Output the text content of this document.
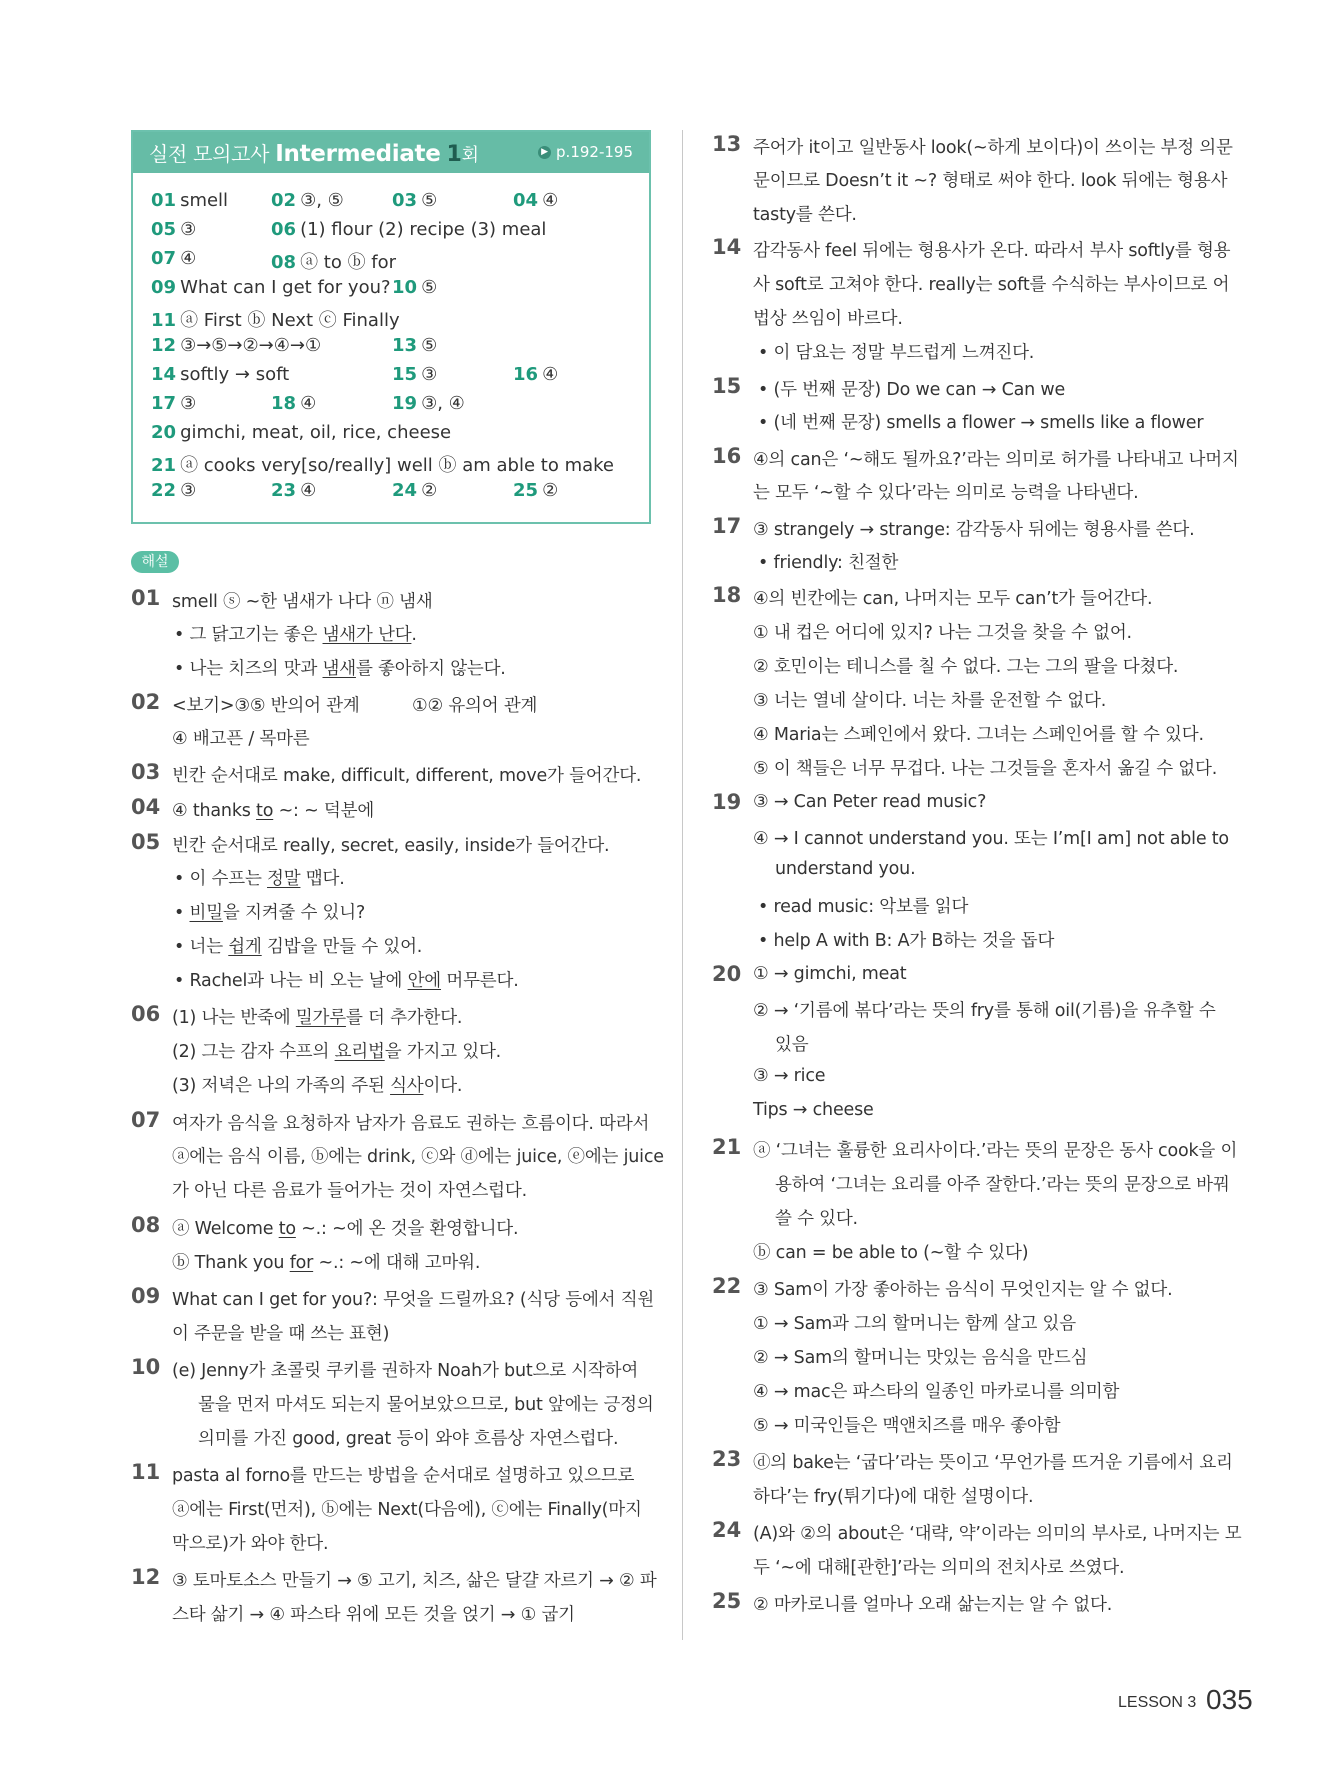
실전 모의고사 Intermediate 1회	▶ p.192-195
01 smell 02 ③, ⑤	03 ⑤	04 ④
05 ③	06 (1) flour (2) recipe (3) meal
07 ④	08 ⓐ to ⓑ for
09 What can I get for you? 10 ⑤
11 ⓐ First ⓑ Next ⓒ Finally
12 ③→⑤→②→④→①	13 ⑤
14 softly → soft	15 ③	16 ④
17 ③	18 ④	19 ③, ④
20 gimchi, meat, oil, rice, cheese
21 ⓐ cooks very[so/really] well ⓑ am able to make
22 ③	23 ④	24 ②	25 ②
해설
01 smell ⓢ ~한 냄새가 나다 ⓝ 냄새
• 그 닭고기는 좋은 냄새가 난다.
• 나는 치즈의 맛과 냄새를 좋아하지 않는다.
02 <보기>③⑤ 반의어 관계	①② 유의어 관계
④ 배고픈 / 목마른
03 빈칸 순서대로 make, difficult, different, move가 들어간다.
04 ④ thanks to ~: ~ 덕분에
05 빈칸 순서대로 really, secret, easily, inside가 들어간다.
• 이 수프는 정말 맵다.
• 비밀을 지켜줄 수 있니?
• 너는 쉽게 김밥을 만들 수 있어.
• Rachel과 나는 비 오는 날에 안에 머무른다.
06 (1) 나는 반죽에 밀가루를 더 추가한다.
(2) 그는 감자 수프의 요리법을 가지고 있다.
(3) 저녁은 나의 가족의 주된 식사이다.
07 여자가 음식을 요청하자 남자가 음료도 권하는 흐름이다. 따라서
ⓐ에는 음식 이름, ⓑ에는 drink, ⓒ와 ⓓ에는 juice, ⓔ에는 juice
가 아닌 다른 음료가 들어가는 것이 자연스럽다.
08 ⓐ Welcome to ~.: ~에 온 것을 환영합니다.
ⓑ Thank you for ~.: ~에 대해 고마워.
09 What can I get for you?: 무엇을 드릴까요? (식당 등에서 직원
이 주문을 받을 때 쓰는 표현)
10 (e) Jenny가 초콜릿 쿠키를 권하자 Noah가 but으로 시작하여
물을 먼저 마셔도 되는지 물어보았으므로, but 앞에는 긍정의
의미를 가진 good, great 등이 와야 흐름상 자연스럽다.
11 pasta al forno를 만드는 방법을 순서대로 설명하고 있으므로
ⓐ에는 First(먼저), ⓑ에는 Next(다음에), ⓒ에는 Finally(마지
막으로)가 와야 한다.
12 ③ 토마토소스 만들기 → ⑤ 고기, 치즈, 삶은 달걀 자르기 → ② 파
스타 삶기 → ④ 파스타 위에 모든 것을 얹기 → ① 굽기
13 주어가 it이고 일반동사 look(~하게 보이다)이 쓰이는 부정 의문
문이므로 Doesn’t it ~? 형태로 써야 한다. look 뒤에는 형용사
tasty를 쓴다.
14 감각동사 feel 뒤에는 형용사가 온다. 따라서 부사 softly를 형용
사 soft로 고쳐야 한다. really는 soft를 수식하는 부사이므로 어
법상 쓰임이 바르다.
• 이 담요는 정말 부드럽게 느껴진다.
15 • (두 번째 문장) Do we can → Can we
• (네 번째 문장) smells a flower → smells like a flower
16 ④의 can은 ‘~해도 될까요?’라는 의미로 허가를 나타내고 나머지
는 모두 ‘~할 수 있다’라는 의미로 능력을 나타낸다.
17 ③ strangely → strange: 감각동사 뒤에는 형용사를 쓴다.
• friendly: 친절한
18 ④의 빈칸에는 can, 나머지는 모두 can’t가 들어간다.
① 내 컵은 어디에 있지? 나는 그것을 찾을 수 없어.
② 호민이는 테니스를 칠 수 없다. 그는 그의 팔을 다쳤다.
③ 너는 열네 살이다. 너는 차를 운전할 수 없다.
④ Maria는 스페인에서 왔다. 그녀는 스페인어를 할 수 있다.
⑤ 이 책들은 너무 무겁다. 나는 그것들을 혼자서 옮길 수 없다.
19 ③ → Can Peter read music?
④ → I cannot understand you. 또는 I’m[I am] not able to
understand you.
• read music: 악보를 읽다
• help A with B: A가 B하는 것을 돕다
20 ① → gimchi, meat
② → ‘기름에 볶다’라는 뜻의 fry를 통해 oil(기름)을 유추할 수
있음
③ → rice
Tips → cheese
21 ⓐ ‘그녀는 훌륭한 요리사이다.’라는 뜻의 문장은 동사 cook을 이
용하여 ‘그녀는 요리를 아주 잘한다.’라는 뜻의 문장으로 바꿔
쓸 수 있다.
ⓑ can = be able to (~할 수 있다)
22 ③ Sam이 가장 좋아하는 음식이 무엇인지는 알 수 없다.
① → Sam과 그의 할머니는 함께 살고 있음
② → Sam의 할머니는 맛있는 음식을 만드심
④ → mac은 파스타의 일종인 마카로니를 의미함
⑤ → 미국인들은 맥앤치즈를 매우 좋아함
23 ⓓ의 bake는 ‘굽다’라는 뜻이고 ‘무언가를 뜨거운 기름에서 요리
하다’는 fry(튀기다)에 대한 설명이다.
24 (A)와 ②의 about은 ‘대략, 약’이라는 의미의 부사로, 나머지는 모
두 ‘~에 대해[관한]’라는 의미의 전치사로 쓰였다.
25 ② 마카로니를 얼마나 오래 삶는지는 알 수 없다.
LESSON 3 035
